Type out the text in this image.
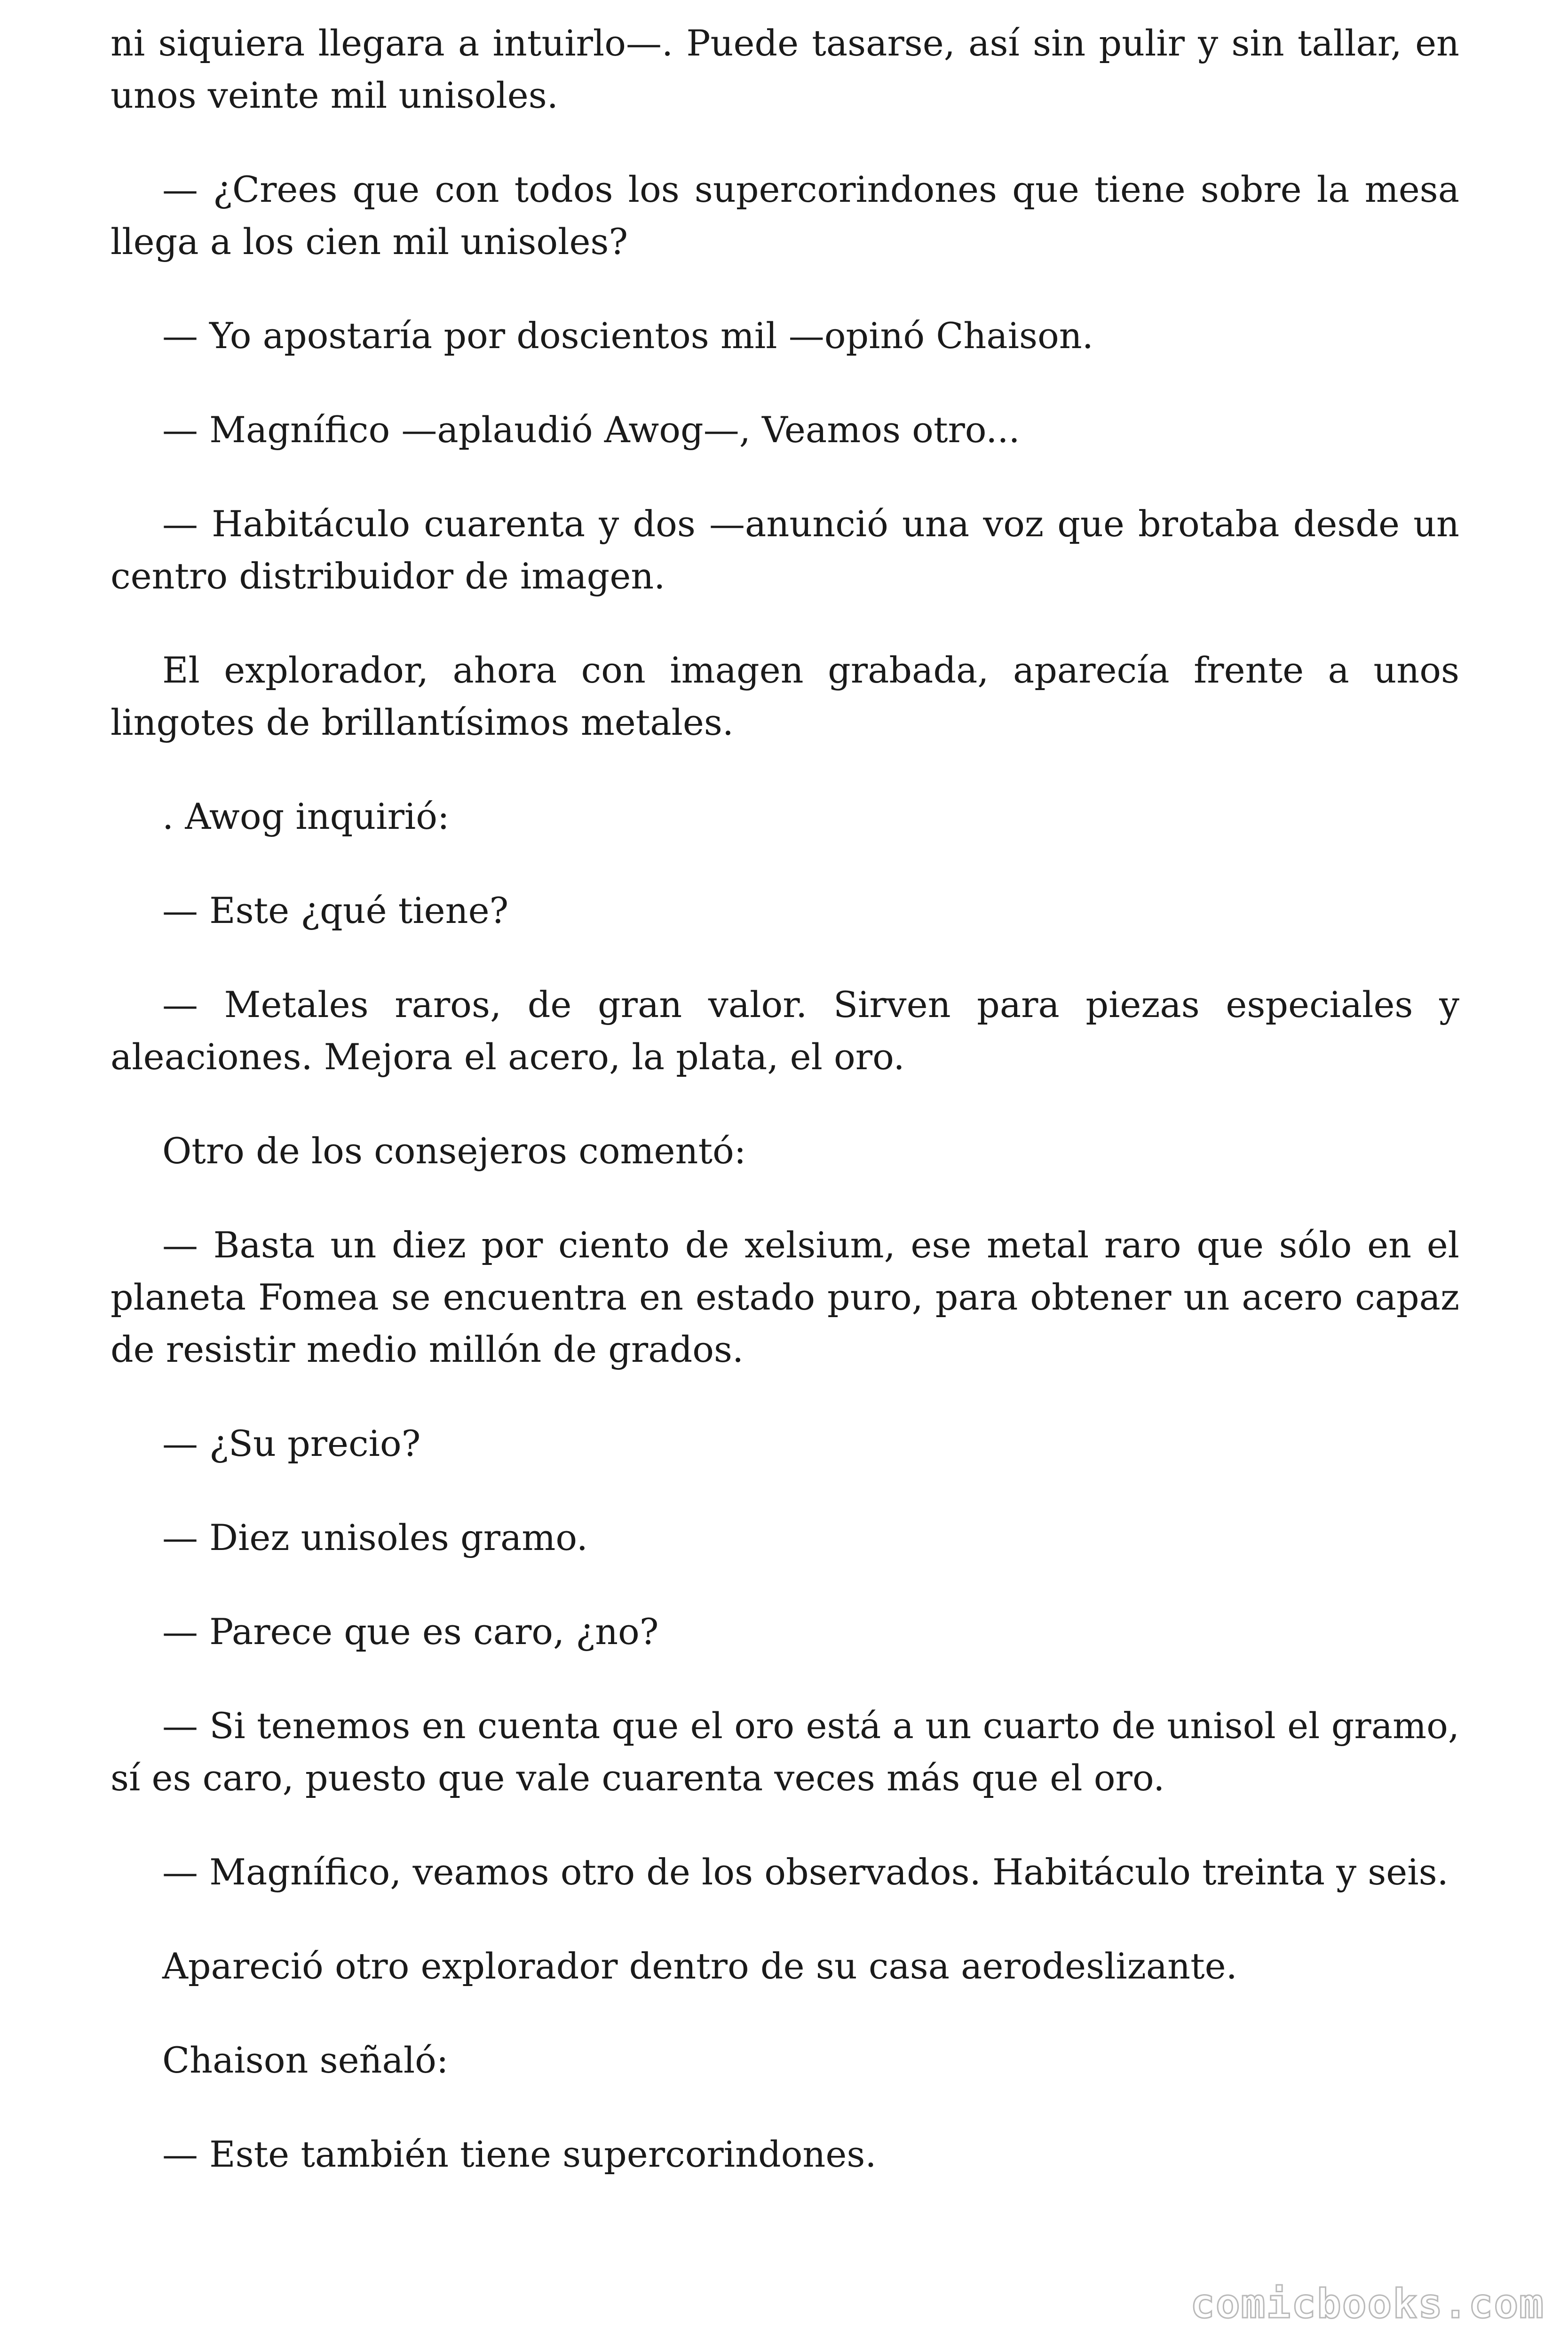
ni siquiera llegara a intuirlo—. Puede tasarse, así sin pulir y sin tallar, en unos veinte mil unisoles.

— ¿Crees que con todos los supercorindones que tiene sobre la mesa llega a los cien mil unisoles?

— Yo apostaría por doscientos mil —opinó Chaison.

— Magnífico —aplaudió Awog—, Veamos otro...

— Habitáculo cuarenta y dos —anunció una voz que brotaba desde un centro distribuidor de imagen.

El explorador, ahora con imagen grabada, aparecía frente a unos lingotes de brillantísimos metales.

. Awog inquirió:

— Este ¿qué tiene?

— Metales raros, de gran valor. Sirven para piezas especiales y aleaciones. Mejora el acero, la plata, el oro.

Otro de los consejeros comentó:

— Basta un diez por ciento de xelsium, ese metal raro que sólo en el planeta Fomea se encuentra en estado puro, para obtener un acero capaz de resistir medio millón de grados.

— ¿Su precio?

— Diez unisoles gramo.

— Parece que es caro, ¿no?

— Si tenemos en cuenta que el oro está a un cuarto de unisol el gramo, sí es caro, puesto que vale cuarenta veces más que el oro.

— Magnífico, veamos otro de los observados. Habitáculo treinta y seis.

Apareció otro explorador dentro de su casa aerodeslizante.

Chaison señaló:

— Este también tiene supercorindones.

comicbooks.com
